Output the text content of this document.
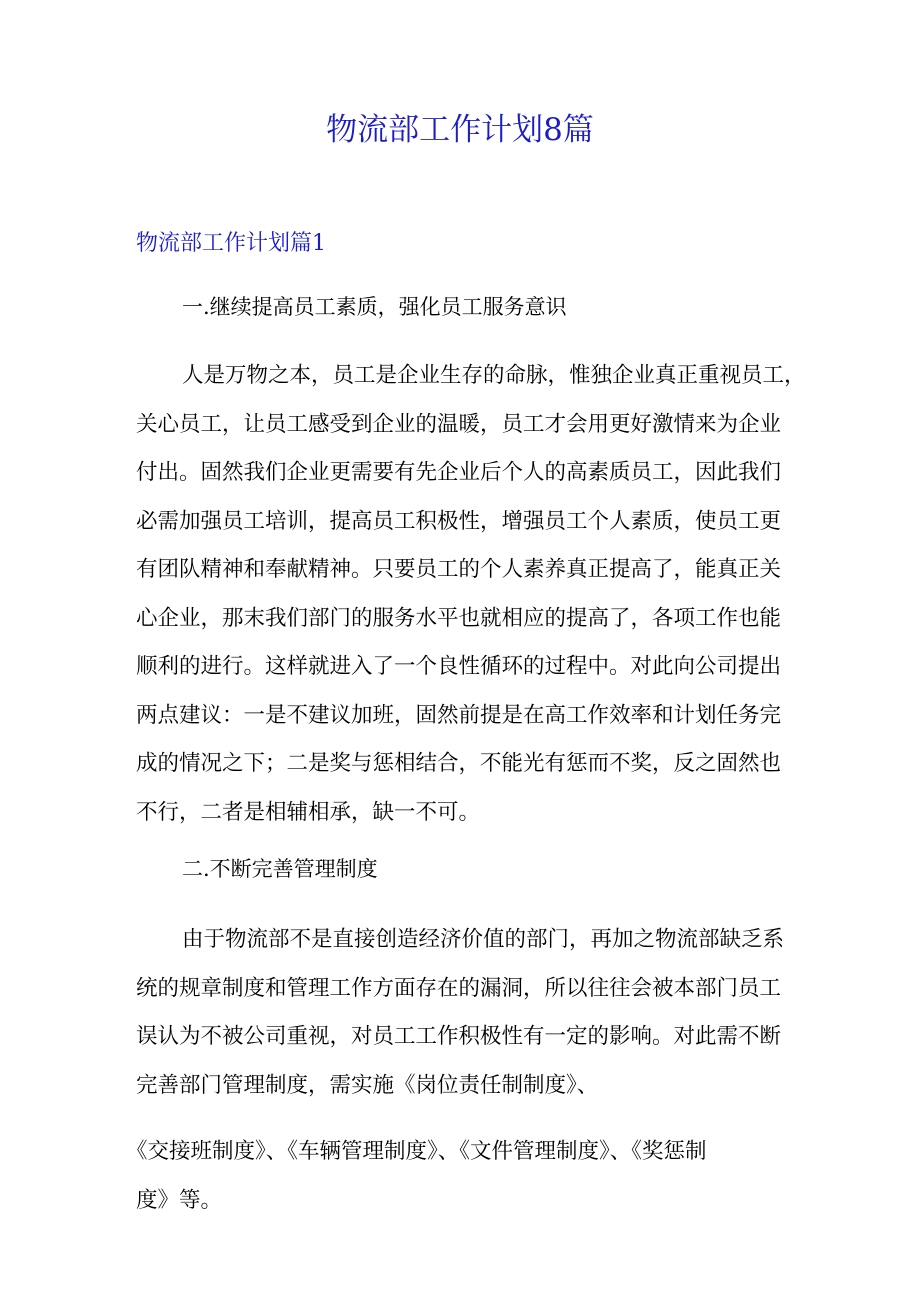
物流部工作计划8篇
物流部工作计划篇1

一.继续提高员工素质，强化员工服务意识

人是万物之本，员工是企业生存的命脉，惟独企业真正重视员工，
关心员工，让员工感受到企业的温暖，员工才会用更好激情来为企业
付出。固然我们企业更需要有先企业后个人的高素质员工，因此我们
必需加强员工培训，提高员工积极性，增强员工个人素质，使员工更
有团队精神和奉献精神。只要员工的个人素养真正提高了，能真正关
心企业，那末我们部门的服务水平也就相应的提高了，各项工作也能
顺利的进行。这样就进入了一个良性循环的过程中。对此向公司提出
两点建议：一是不建议加班，固然前提是在高工作效率和计划任务完
成的情况之下；二是奖与惩相结合，不能光有惩而不奖，反之固然也
不行，二者是相辅相承，缺一不可。

二.不断完善管理制度

由于物流部不是直接创造经济价值的部门，再加之物流部缺乏系
统的规章制度和管理工作方面存在的漏洞，所以往往会被本部门员工
误认为不被公司重视，对员工工作积极性有一定的影响。对此需不断
完善部门管理制度，需实施《岗位责任制制度》、
《交接班制度》、《车辆管理制度》、《文件管理制度》、《奖惩制
度》等。
